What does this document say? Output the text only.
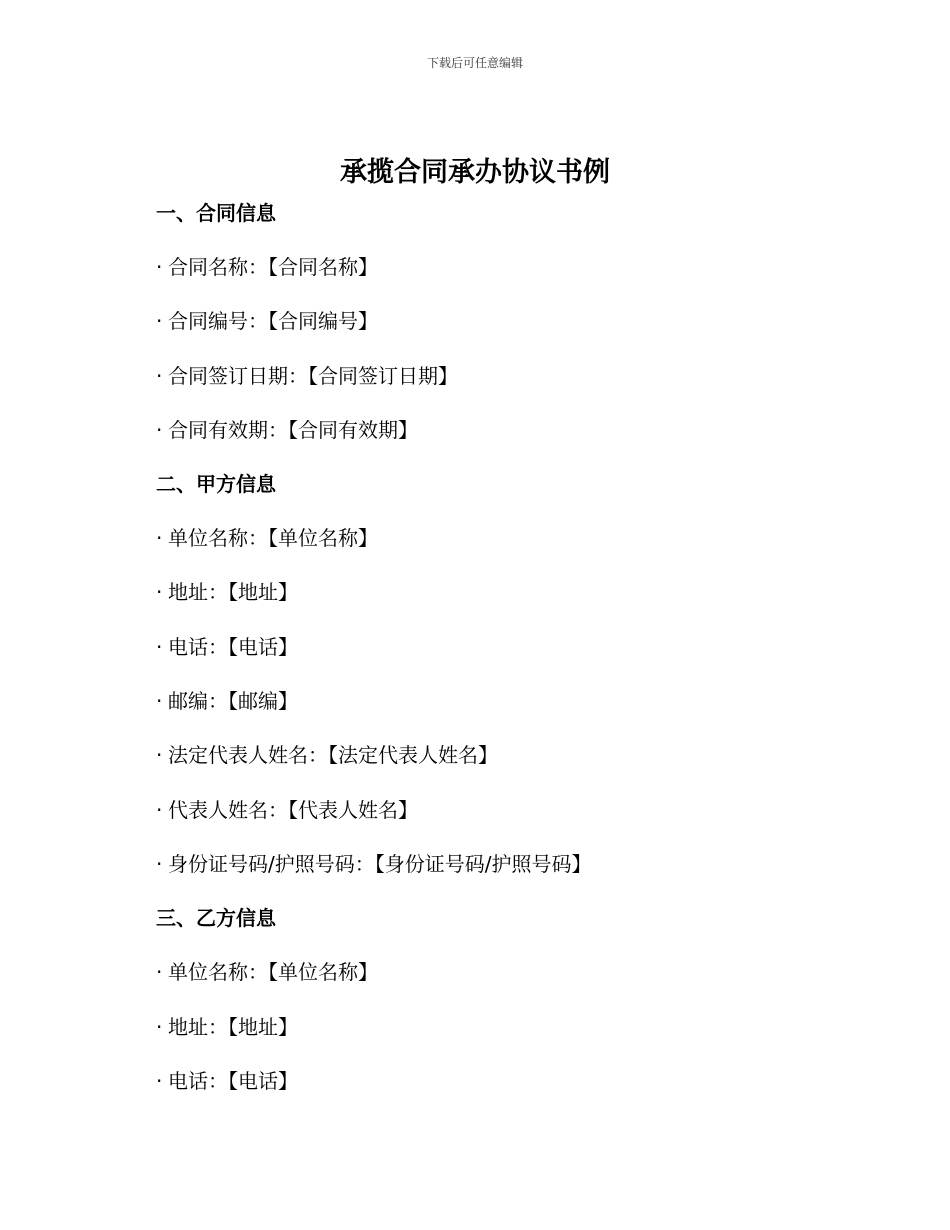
下载后可任意编辑
承揽合同承办协议书例
一、合同信息
· 合同名称：【合同名称】
· 合同编号：【合同编号】
· 合同签订日期：【合同签订日期】
· 合同有效期：【合同有效期】
二、甲方信息
· 单位名称：【单位名称】
· 地址：【地址】
· 电话：【电话】
· 邮编：【邮编】
· 法定代表人姓名：【法定代表人姓名】
· 代表人姓名：【代表人姓名】
· 身份证号码/护照号码：【身份证号码/护照号码】
三、乙方信息
· 单位名称：【单位名称】
· 地址：【地址】
· 电话：【电话】
